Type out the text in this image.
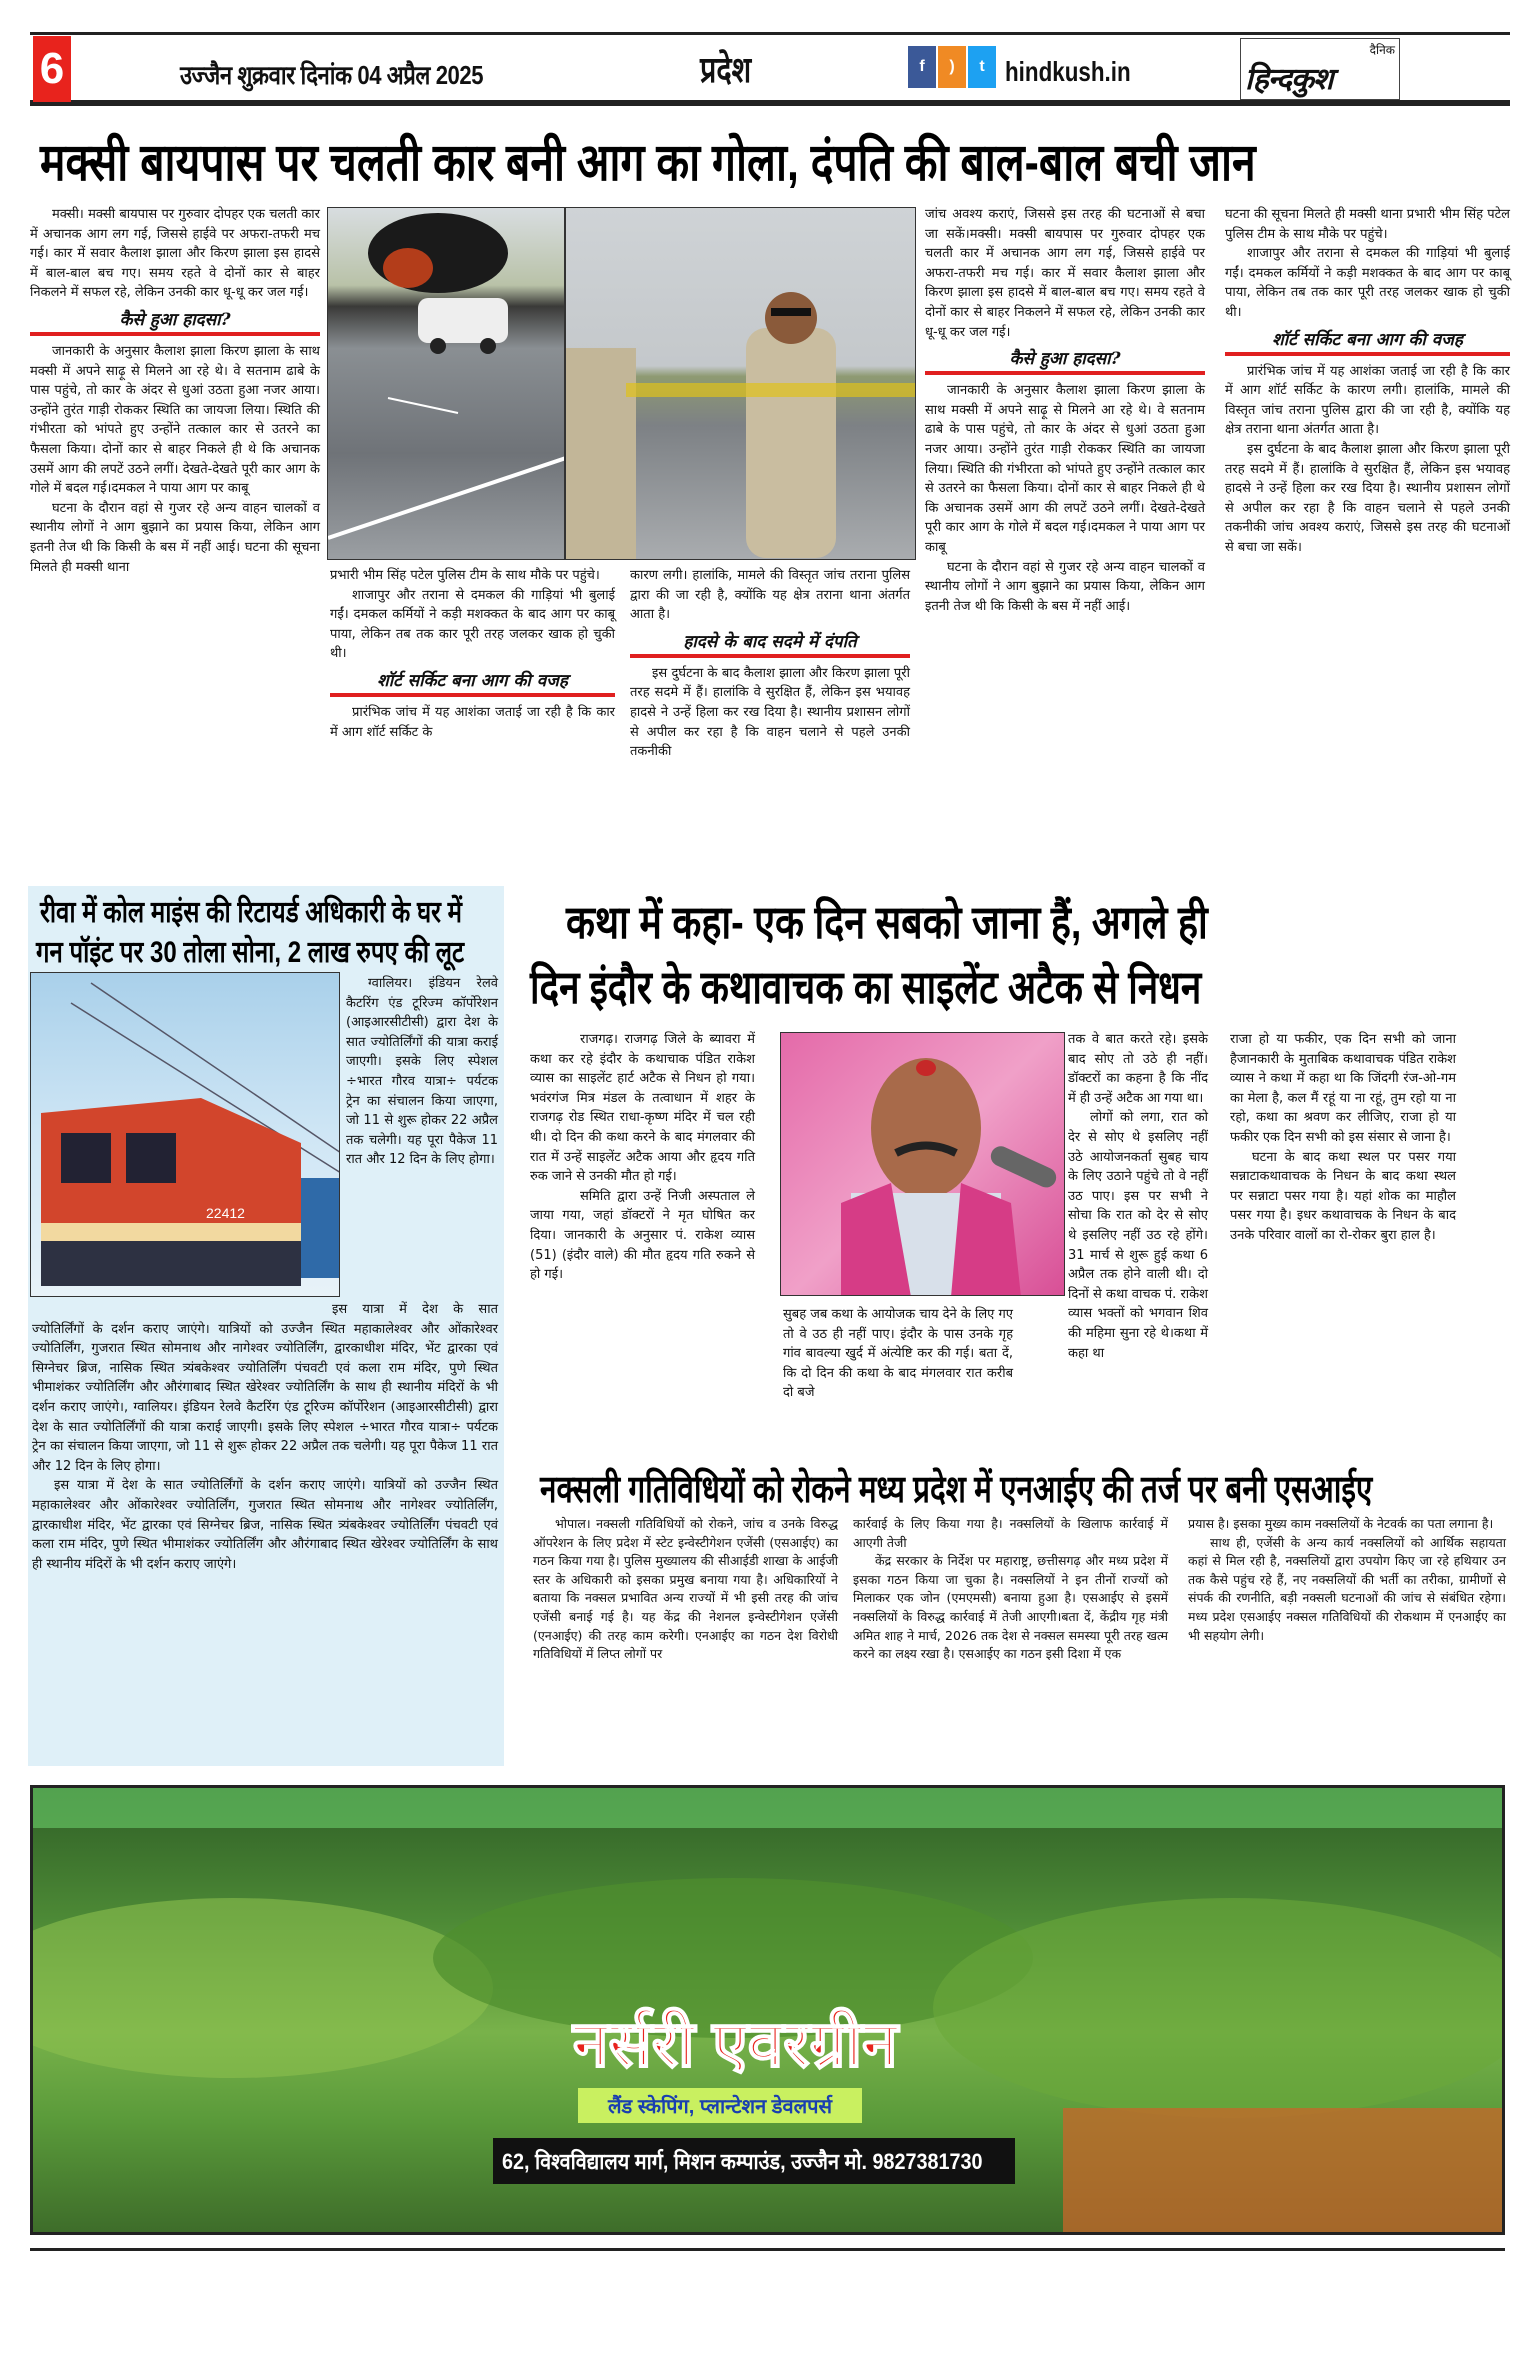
6	उज्जैन शुक्रवार दिनांक 04 अप्रैल 2025	प्रदेश	f	)	t hindkush.in
दैनिक
हिन्दकुश
मक्सी बायपास पर चलती कार बनी आग का गोला, दंपति की बाल-बाल बची जान

मक्सी। मक्सी बायपास पर गुरुवार दोपहर एक चलती कार में अचानक आग लग गई, जिससे हाईवे पर अफरा-तफरी मच गई। कार में सवार कैलाश झाला और किरण झाला इस हादसे में बाल-बाल बच गए। समय रहते वे दोनों कार से बाहर निकलने में सफल रहे, लेकिन उनकी कार धू-धू कर जल गई।

कैसे हुआ हादसा?

जानकारी के अनुसार कैलाश झाला किरण झाला के साथ मक्सी में अपने साढ़ू से मिलने आ रहे थे। वे सतनाम ढाबे के पास पहुंचे, तो कार के अंदर से धुआं उठता हुआ नजर आया। उन्होंने तुरंत गाड़ी रोककर स्थिति का जायजा लिया। स्थिति की गंभीरता को भांपते हुए उन्होंने तत्काल कार से उतरने का फैसला किया। दोनों कार से बाहर निकले ही थे कि अचानक उसमें आग की लपटें उठने लगीं। देखते-देखते पूरी कार आग के गोले में बदल गई।दमकल ने पाया आग पर काबू

घटना के दौरान वहां से गुजर रहे अन्य वाहन चालकों व स्थानीय लोगों ने आग बुझाने का प्रयास किया, लेकिन आग इतनी तेज थी कि किसी के बस में नहीं आई। घटना की सूचना मिलते ही मक्सी थाना

प्रभारी भीम सिंह पटेल पुलिस टीम के साथ मौके पर पहुंचे।

शाजापुर और तराना से दमकल की गाड़ियां भी बुलाई गईं। दमकल कर्मियों ने कड़ी मशक्कत के बाद आग पर काबू पाया, लेकिन तब तक कार पूरी तरह जलकर खाक हो चुकी थी।

शॉर्ट सर्किट बना आग की वजह

प्रारंभिक जांच में यह आशंका जताई जा रही है कि कार में आग शॉर्ट सर्किट के

कारण लगी। हालांकि, मामले की विस्तृत जांच तराना पुलिस द्वारा की जा रही है, क्योंकि यह क्षेत्र तराना थाना अंतर्गत आता है।

हादसे के बाद सदमे में दंपति

इस दुर्घटना के बाद कैलाश झाला और किरण झाला पूरी तरह सदमे में हैं। हालांकि वे सुरक्षित हैं, लेकिन इस भयावह हादसे ने उन्हें हिला कर रख दिया है। स्थानीय प्रशासन लोगों से अपील कर रहा है कि वाहन चलाने से पहले उनकी तकनीकी

जांच अवश्य कराएं, जिससे इस तरह की घटनाओं से बचा जा सकें।मक्सी। मक्सी बायपास पर गुरुवार दोपहर एक चलती कार में अचानक आग लग गई, जिससे हाईवे पर अफरा-तफरी मच गई। कार में सवार कैलाश झाला और किरण झाला इस हादसे में बाल-बाल बच गए। समय रहते वे दोनों कार से बाहर निकलने में सफल रहे, लेकिन उनकी कार धू-धू कर जल गई।

कैसे हुआ हादसा?

जानकारी के अनुसार कैलाश झाला किरण झाला के साथ मक्सी में अपने साढ़ू से मिलने आ रहे थे। वे सतनाम ढाबे के पास पहुंचे, तो कार के अंदर से धुआं उठता हुआ नजर आया। उन्होंने तुरंत गाड़ी रोककर स्थिति का जायजा लिया। स्थिति की गंभीरता को भांपते हुए उन्होंने तत्काल कार से उतरने का फैसला किया। दोनों कार से बाहर निकले ही थे कि अचानक उसमें आग की लपटें उठने लगीं। देखते-देखते पूरी कार आग के गोले में बदल गई।दमकल ने पाया आग पर काबू

घटना के दौरान वहां से गुजर रहे अन्य वाहन चालकों व स्थानीय लोगों ने आग बुझाने का प्रयास किया, लेकिन आग इतनी तेज थी कि किसी के बस में नहीं आई।

घटना की सूचना मिलते ही मक्सी थाना प्रभारी भीम सिंह पटेल पुलिस टीम के साथ मौके पर पहुंचे।

शाजापुर और तराना से दमकल की गाड़ियां भी बुलाई गईं। दमकल कर्मियों ने कड़ी मशक्कत के बाद आग पर काबू पाया, लेकिन तब तक कार पूरी तरह जलकर खाक हो चुकी थी।

शॉर्ट सर्किट बना आग की वजह

प्रारंभिक जांच में यह आशंका जताई जा रही है कि कार में आग शॉर्ट सर्किट के कारण लगी। हालांकि, मामले की विस्तृत जांच तराना पुलिस द्वारा की जा रही है, क्योंकि यह क्षेत्र तराना थाना अंतर्गत आता है।

इस दुर्घटना के बाद कैलाश झाला और किरण झाला पूरी तरह सदमे में हैं। हालांकि वे सुरक्षित हैं, लेकिन इस भयावह हादसे ने उन्हें हिला कर रख दिया है। स्थानीय प्रशासन लोगों से अपील कर रहा है कि वाहन चलाने से पहले उनकी तकनीकी जांच अवश्य कराएं, जिससे इस तरह की घटनाओं से बचा जा सकें।

रीवा में कोल माइंस की रिटायर्ड अधिकारी के घर में
गन पॉइंट पर 30 तोला सोना, 2 लाख रुपए की लूट
22412

ग्वालियर। इंडियन रेलवे कैटरिंग एंड टूरिज्म कॉर्पोरेशन (आइआरसीटीसी) द्वारा देश के सात ज्योतिर्लिंगों की यात्रा कराई जाएगी। इसके लिए स्पेशल ÷भारत गौरव यात्रा÷ पर्यटक ट्रेन का संचालन किया जाएगा, जो 11 से शुरू होकर 22 अप्रैल तक चलेगी। यह पूरा पैकेज 11 रात और 12 दिन के लिए होगा।

इस यात्रा में देश के सात ज्योतिर्लिंगों के दर्शन कराए जाएंगे। यात्रियों को उज्जैन स्थित महाकालेश्वर और ओंकारेश्वर ज्योतिर्लिंग, गुजरात स्थित सोमनाथ और नागेश्वर ज्योतिर्लिंग, द्वारकाधीश मंदिर, भेंट द्वारका एवं सिग्नेचर ब्रिज, नासिक स्थित त्र्यंबकेश्वर ज्योतिर्लिंग पंचवटी एवं कला राम मंदिर, पुणे स्थित भीमाशंकर ज्योतिर्लिंग और औरंगाबाद स्थित खेरेश्वर ज्योतिर्लिंग के साथ ही स्थानीय मंदिरों के भी दर्शन कराए जाएंगे।, ग्वालियर। इंडियन रेलवे कैटरिंग एंड टूरिज्म कॉर्पोरेशन (आइआरसीटीसी) द्वारा देश के सात ज्योतिर्लिंगों की यात्रा कराई जाएगी। इसके लिए स्पेशल ÷भारत गौरव यात्रा÷ पर्यटक ट्रेन का संचालन किया जाएगा, जो 11 से शुरू होकर 22 अप्रैल तक चलेगी। यह पूरा पैकेज 11 रात और 12 दिन के लिए होगा।

इस यात्रा में देश के सात ज्योतिर्लिंगों के दर्शन कराए जाएंगे। यात्रियों को उज्जैन स्थित महाकालेश्वर और ओंकारेश्वर ज्योतिर्लिंग, गुजरात स्थित सोमनाथ और नागेश्वर ज्योतिर्लिंग, द्वारकाधीश मंदिर, भेंट द्वारका एवं सिग्नेचर ब्रिज, नासिक स्थित त्र्यंबकेश्वर ज्योतिर्लिंग पंचवटी एवं कला राम मंदिर, पुणे स्थित भीमाशंकर ज्योतिर्लिंग और औरंगाबाद स्थित खेरेश्वर ज्योतिर्लिंग के साथ ही स्थानीय मंदिरों के भी दर्शन कराए जाएंगे।

कथा में कहा- एक दिन सबको जाना हैं, अगले ही
दिन इंदौर के कथावाचक का साइलेंट अटैक से निधन

राजगढ़। राजगढ़ जिले के ब्यावरा में कथा कर रहे इंदौर के कथाचाक पंडित राकेश व्यास का साइलेंट हार्ट अटैक से निधन हो गया। भवंरगंज मित्र मंडल के तत्वाधान में शहर के राजगढ़ रोड स्थित राधा-कृष्ण मंदिर में चल रही थी। दो दिन की कथा करने के बाद मंगलवार की रात में उन्हें साइलेंट अटैक आया और हृदय गति रुक जाने से उनकी मौत हो गई।

समिति द्वारा उन्हें निजी अस्पताल ले जाया गया, जहां डॉक्टरों ने मृत घोषित कर दिया। जानकारी के अनुसार पं. राकेश व्यास (51) (इंदौर वाले) की मौत हृदय गति रुकने से हो गई।

सुबह जब कथा के आयोजक चाय देने के लिए गए तो वे उठ ही नहीं पाए। इंदौर के पास उनके गृह गांव बावल्या खुर्द में अंत्येष्टि कर की गई। बता दें, कि दो दिन की कथा के बाद मंगलवार रात करीब दो बजे

तक वे बात करते रहे। इसके बाद सोए तो उठे ही नहीं। डॉक्टरों का कहना है कि नींद में ही उन्हें अटैक आ गया था।

लोगों को लगा, रात को देर से सोए थे इसलिए नहीं उठे आयोजनकर्ता सुबह चाय के लिए उठाने पहुंचे तो वे नहीं उठ पाए। इस पर सभी ने सोचा कि रात को देर से सोए थे इसलिए नहीं उठ रहे होंगे। 31 मार्च से शुरू हुई कथा 6 अप्रैल तक होने वाली थी। दो दिनों से कथा वाचक पं. राकेश व्यास भक्तों को भगवान शिव की महिमा सुना रहे थे।कथा में कहा था

राजा हो या फकीर, एक दिन सभी को जाना हैजानकारी के मुताबिक कथावाचक पंडित राकेश व्यास ने कथा में कहा था कि जिंदगी रंज-ओ-गम का मेला है, कल मैं रहूं या ना रहूं, तुम रहो या ना रहो, कथा का श्रवण कर लीजिए, राजा हो या फकीर एक दिन सभी को इस संसार से जाना है।

घटना के बाद कथा स्थल पर पसर गया सन्नाटाकथावाचक के निधन के बाद कथा स्थल पर सन्नाटा पसर गया है। यहां शोक का माहौल पसर गया है। इधर कथावाचक के निधन के बाद उनके परिवार वालों का रो-रोकर बुरा हाल है।

नक्सली गतिविधियों को रोकने मध्य प्रदेश में एनआईए की तर्ज पर बनी एसआईए

भोपाल। नक्सली गतिविधियों को रोकने, जांच व उनके विरुद्ध ऑपरेशन के लिए प्रदेश में स्टेट इन्वेस्टीगेशन एजेंसी (एसआईए) का गठन किया गया है। पुलिस मुख्यालय की सीआईडी शाखा के आईजी स्तर के अधिकारी को इसका प्रमुख बनाया गया है। अधिकारियों ने बताया कि नक्सल प्रभावित अन्य राज्यों में भी इसी तरह की जांच एजेंसी बनाई गई है। यह केंद्र की नेशनल इन्वेस्टीगेशन एजेंसी (एनआईए) की तरह काम करेगी। एनआईए का गठन देश विरोधी गतिविधियों में लिप्त लोगों पर

कार्रवाई के लिए किया गया है। नक्सलियों के खिलाफ कार्रवाई में आएगी तेजी

केंद्र सरकार के निर्देश पर महाराष्ट्र, छत्तीसगढ़ और मध्य प्रदेश में इसका गठन किया जा चुका है। नक्सलियों ने इन तीनों राज्यों को मिलाकर एक जोन (एमएमसी) बनाया हुआ है। एसआईए से इसमें नक्सलियों के विरुद्ध कार्रवाई में तेजी आएगी।बता दें, केंद्रीय गृह मंत्री अमित शाह ने मार्च, 2026 तक देश से नक्सल समस्या पूरी तरह खत्म करने का लक्ष्य रखा है। एसआईए का गठन इसी दिशा में एक

प्रयास है। इसका मुख्य काम नक्सलियों के नेटवर्क का पता लगाना है।

साथ ही, एजेंसी के अन्य कार्य नक्सलियों को आर्थिक सहायता कहां से मिल रही है, नक्सलियों द्वारा उपयोग किए जा रहे हथियार उन तक कैसे पहुंच रहे हैं, नए नक्सलियों की भर्ती का तरीका, ग्रामीणों से संपर्क की रणनीति, बड़ी नक्सली घटनाओं की जांच से संबंधित रहेगा। मध्य प्रदेश एसआईए नक्सल गतिविधियों की रोकथाम में एनआईए का भी सहयोग लेगी।

नर्सरी एवरग्रीन
लैंड स्केपिंग, प्लान्टेशन डेवलपर्स
62, विश्वविद्यालय मार्ग, मिशन कम्पाउंड, उज्जैन मो. 9827381730
